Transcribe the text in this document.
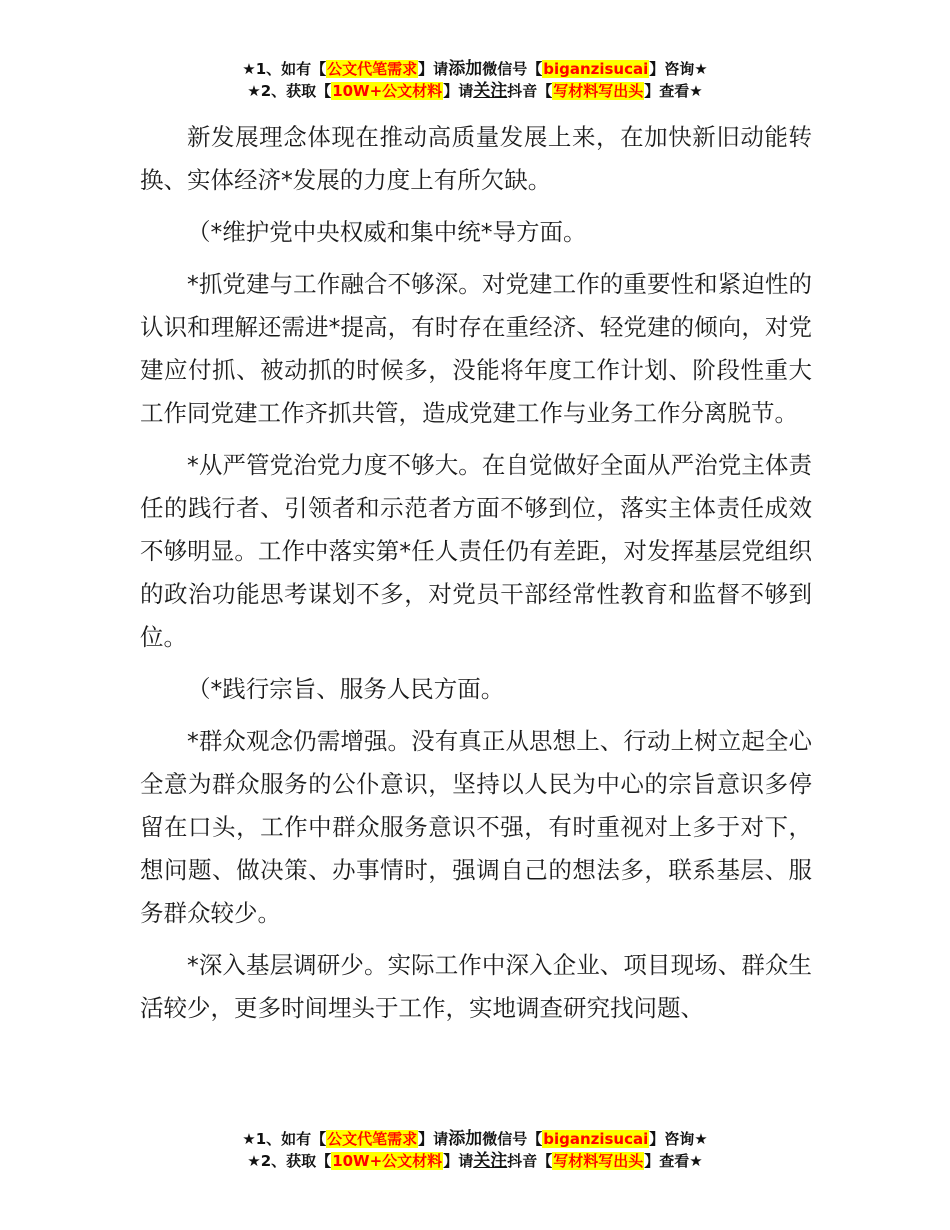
★1、如有【公文代笔需求】请添加微信号【biganzisucai】咨询★
★2、获取【10W+公文材料】请关注抖音【写材料写出头】查看★

新发展理念体现在推动高质量发展上来，在加快新旧动能转换、实体经济*发展的力度上有所欠缺。

（*维护党中央权威和集中统*导方面。

*抓党建与工作融合不够深。对党建工作的重要性和紧迫性的认识和理解还需进*提高，有时存在重经济、轻党建的倾向，对党建应付抓、被动抓的时候多，没能将年度工作计划、阶段性重大工作同党建工作齐抓共管，造成党建工作与业务工作分离脱节。

*从严管党治党力度不够大。在自觉做好全面从严治党主体责任的践行者、引领者和示范者方面不够到位，落实主体责任成效不够明显。工作中落实第*任人责任仍有差距，对发挥基层党组织的政治功能思考谋划不多，对党员干部经常性教育和监督不够到位。

（*践行宗旨、服务人民方面。

*群众观念仍需增强。没有真正从思想上、行动上树立起全心全意为群众服务的公仆意识，坚持以人民为中心的宗旨意识多停留在口头，工作中群众服务意识不强，有时重视对上多于对下，想问题、做决策、办事情时，强调自己的想法多，联系基层、服务群众较少。

*深入基层调研少。实际工作中深入企业、项目现场、群众生活较少，更多时间埋头于工作，实地调查研究找问题、

★1、如有【公文代笔需求】请添加微信号【biganzisucai】咨询★
★2、获取【10W+公文材料】请关注抖音【写材料写出头】查看★
